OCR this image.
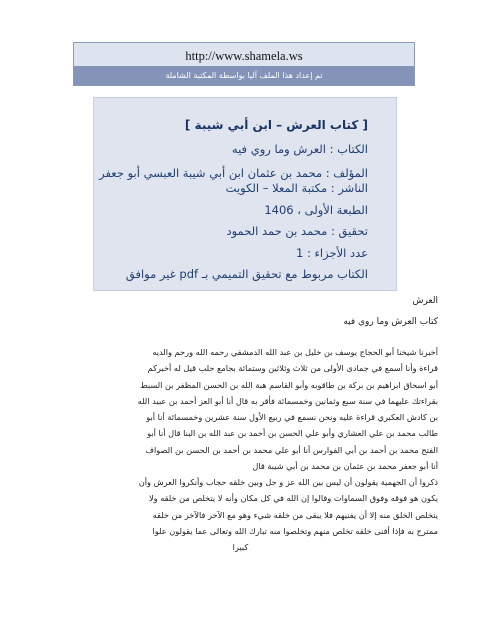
http://www.shamela.ws
تم إعداد هذا الملف آليا بواسطة المكتبة الشاملة
[ كتاب العرش – ابن أبي شيبة ]
الكتاب : العرش وما روي فيه
المؤلف : محمد بن عثمان ابن أبي شيبة العبسي أبو جعفر
الناشر : مكتبة المعلا – الكويت
الطبعة الأولى ، 1406
تحقيق : محمد بن حمد الحمود
عدد الأجزاء : 1
الكتاب مربوط مع تحقيق التميمي بـ pdf غير موافق
العرش
كتاب العرش وما روي فيه
أخبرنا شيخنا أبو الحجاج يوسف بن خليل بن عبد الله الدمشقي رحمه الله ورحم والديه
قراءة وأنا أسمع في جمادى الأولى من ثلاث وثلاثين وستمائة بجامع حلب قيل له أخبركم
أبو اسحاق ابراهيم بن بركة بن طاقوبه وأبو القاسم هبة الله بن الحسن المظفر بن السبط
بقراءتك عليهما في سنة سبع وثمانين وخمسمائة فأقر به قال أنا أبو العز أحمد بن عبيد الله
بن كادش العكبري قراءة عليه ونحن نسمع في ربيع الأول سنة عشرين وخمسمائة أنا أبو
طالب محمد بن علي العشاري وأبو علي الحسن بن أحمد بن عبد الله بن البنا قال أنا أبو
الفتح محمد بن أحمد بن أبي الفوارس أنا أبو علي محمد بن أحمد بن الحسن بن الصواف
أنا أبو جعفر محمد بن عثمان بن محمد بن أبي شيبة قال
ذكروا أن الجهمية يقولون أن ليس بين الله عز و جل وبين خلقه حجاب وأنكروا العرش وأن
يكون هو فوقه وفوق السماوات وقالوا إن الله في كل مكان وأنه لا يتخلص من خلقه ولا
يتخلص الخلق منه إلا أن يفنيهم فلا يبقى من خلقه شيء وهو مع الآخر فالآخر من خلقه
ممترج به فإذا أفنى خلقه تخلص منهم وتخلصوا منه تبارك الله وتعالى عما يقولون علوا
كبيرا
